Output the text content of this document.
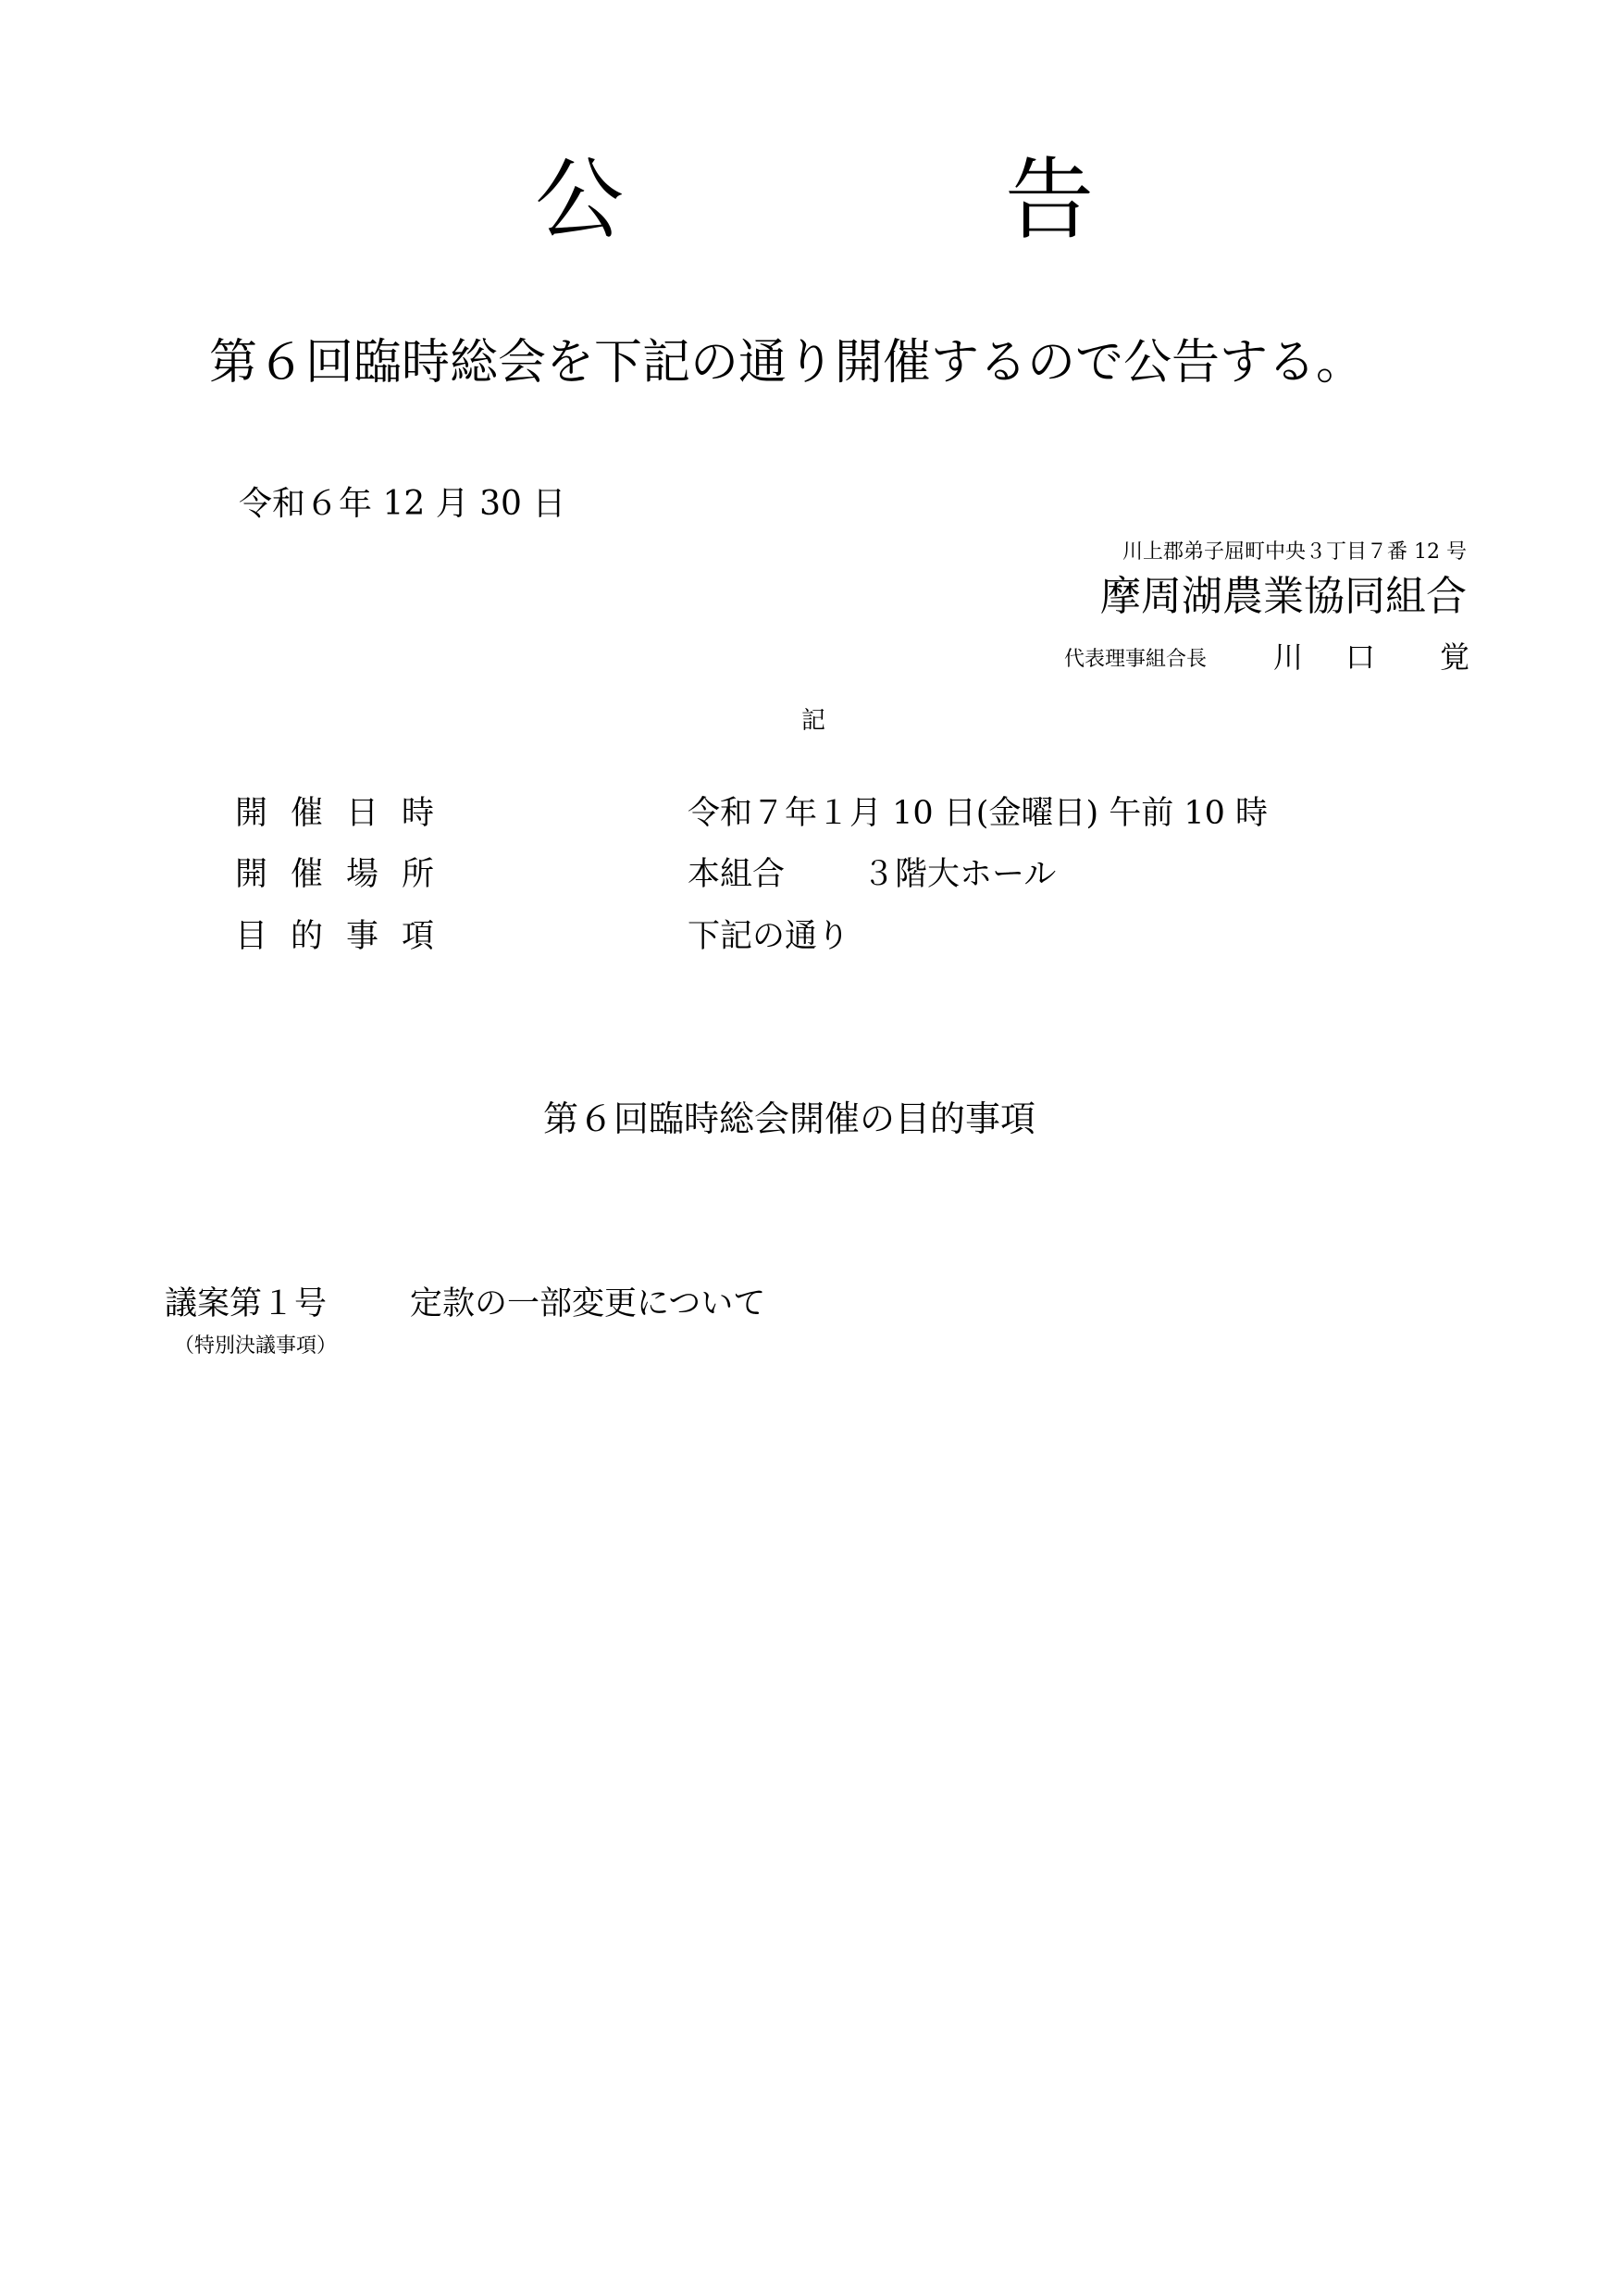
公	告
第６回臨時総会を下記の通り開催するので公告する。
令和６年 12 月 30 日
川上郡弟子屈町中央３丁目７番 12 号
摩周湖農業協同組合
代表理事組合長 川 口 覚
記
開催日時	令和７年１月 10 日(金曜日) 午前 10 時
開催場所	本組合 ３階大ホール
目的事項	下記の通り
第６回臨時総会開催の目的事項
議案第１号	定款の一部変更について
（特別決議事項）
